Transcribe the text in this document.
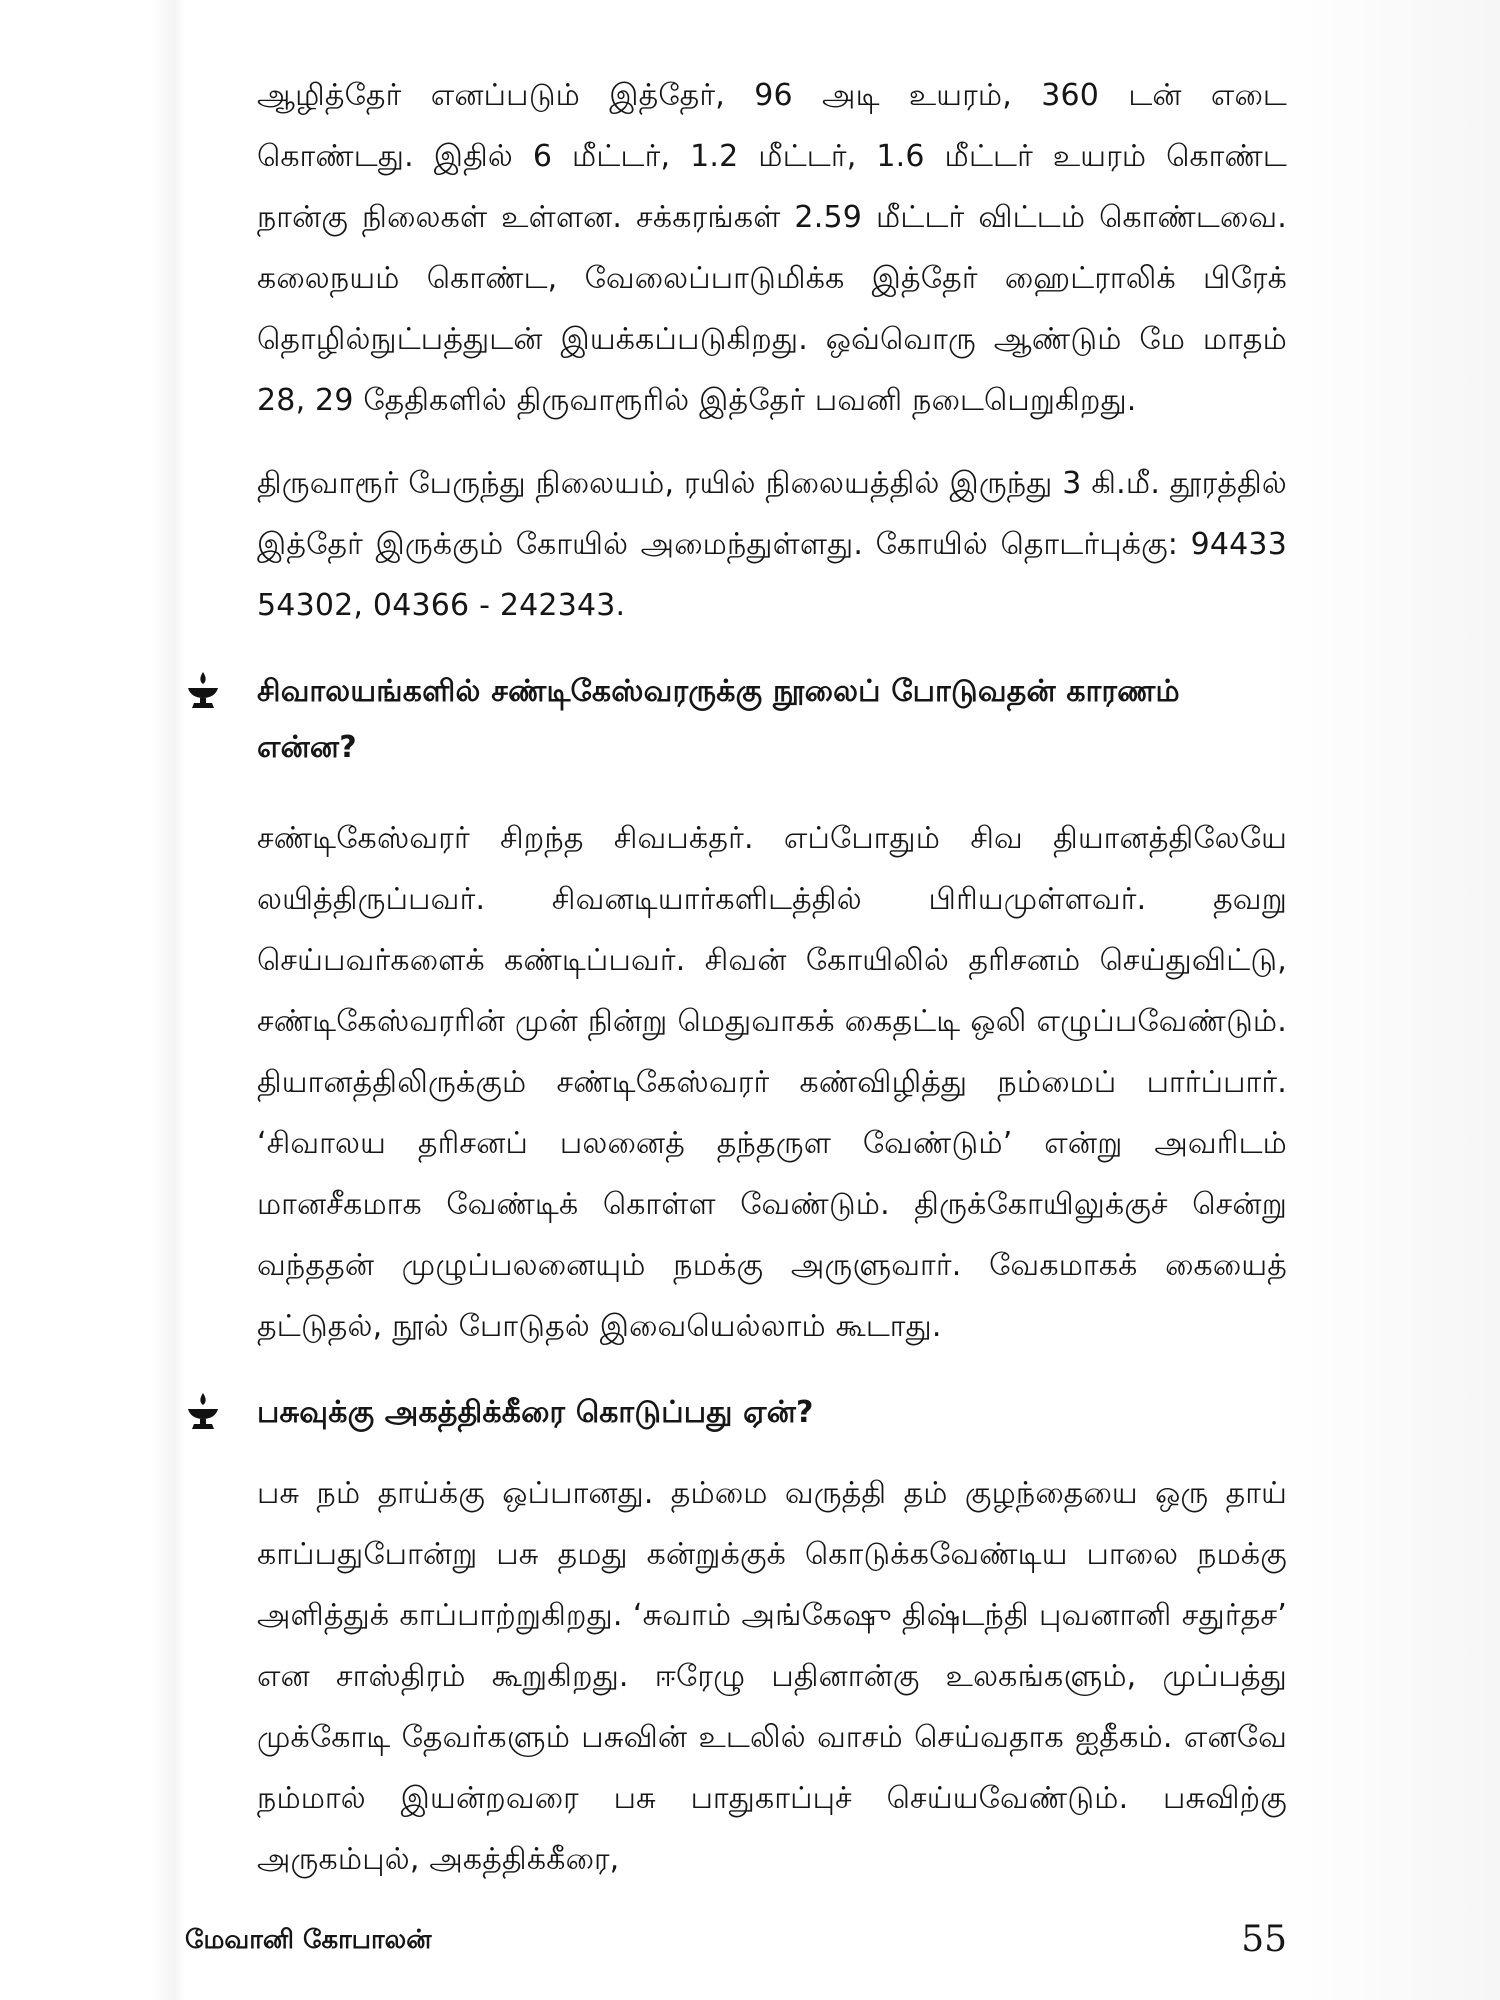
ஆழித்தேர் எனப்படும் இத்தேர், 96 அடி உயரம், 360 டன் எடை கொண்டது. இதில் 6 மீட்டர், 1.2 மீட்டர், 1.6 மீட்டர் உயரம் கொண்ட நான்கு நிலைகள் உள்ளன. சக்கரங்கள் 2.59 மீட்டர் விட்டம் கொண்டவை. கலைநயம் கொண்ட, வேலைப்பாடுமிக்க இத்தேர் ஹைட்ராலிக் பிரேக் தொழில்நுட்பத்துடன் இயக்கப்படுகிறது. ஒவ்வொரு ஆண்டும் மே மாதம் 28, 29 தேதிகளில் திருவாரூரில் இத்தேர் பவனி நடைபெறுகிறது.

திருவாரூர் பேருந்து நிலையம், ரயில் நிலையத்தில் இருந்து 3 கி.மீ. தூரத்தில் இத்தேர் இருக்கும் கோயில் அமைந்துள்ளது. கோயில் தொடர்புக்கு: 94433 54302, 04366 - 242343.

சிவாலயங்களில் சண்டிகேஸ்வரருக்கு நூலைப் போடுவதன் காரணம் என்ன?

சண்டிகேஸ்வரர் சிறந்த சிவபக்தர். எப்போதும் சிவ தியானத்திலேயே லயித்திருப்பவர். சிவனடியார்களிடத்தில் பிரியமுள்ளவர். தவறு செய்பவர்களைக் கண்டிப்பவர். சிவன் கோயிலில் தரிசனம் செய்துவிட்டு, சண்டிகேஸ்வரரின் முன் நின்று மெதுவாகக் கைதட்டி ஒலி எழுப்பவேண்டும். தியானத்திலிருக்கும் சண்டிகேஸ்வரர் கண்விழித்து நம்மைப் பார்ப்பார். ‘சிவாலய தரிசனப் பலனைத் தந்தருள வேண்டும்’ என்று அவரிடம் மானசீகமாக வேண்டிக் கொள்ள வேண்டும். திருக்கோயிலுக்குச் சென்று வந்ததன் முழுப்பலனையும் நமக்கு அருளுவார். வேகமாகக் கையைத் தட்டுதல், நூல் போடுதல் இவையெல்லாம் கூடாது.

பசுவுக்கு அகத்திக்கீரை கொடுப்பது ஏன்?

பசு நம் தாய்க்கு ஒப்பானது. தம்மை வருத்தி தம் குழந்தையை ஒரு தாய் காப்பதுபோன்று பசு தமது கன்றுக்குக் கொடுக்கவேண்டிய பாலை நமக்கு அளித்துக் காப்பாற்றுகிறது. ‘சுவாம் அங்கேஷு திஷ்டந்தி புவனானி சதுர்தச’ என சாஸ்திரம் கூறுகிறது. ஈரேழு பதினான்கு உலகங்களும், முப்பத்து முக்கோடி தேவர்களும் பசுவின் உடலில் வாசம் செய்வதாக ஐதீகம். எனவே நம்மால் இயன்றவரை பசு பாதுகாப்புச் செய்யவேண்டும். பசுவிற்கு அருகம்புல், அகத்திக்கீரை,

மேவானி கோபாலன்	55
